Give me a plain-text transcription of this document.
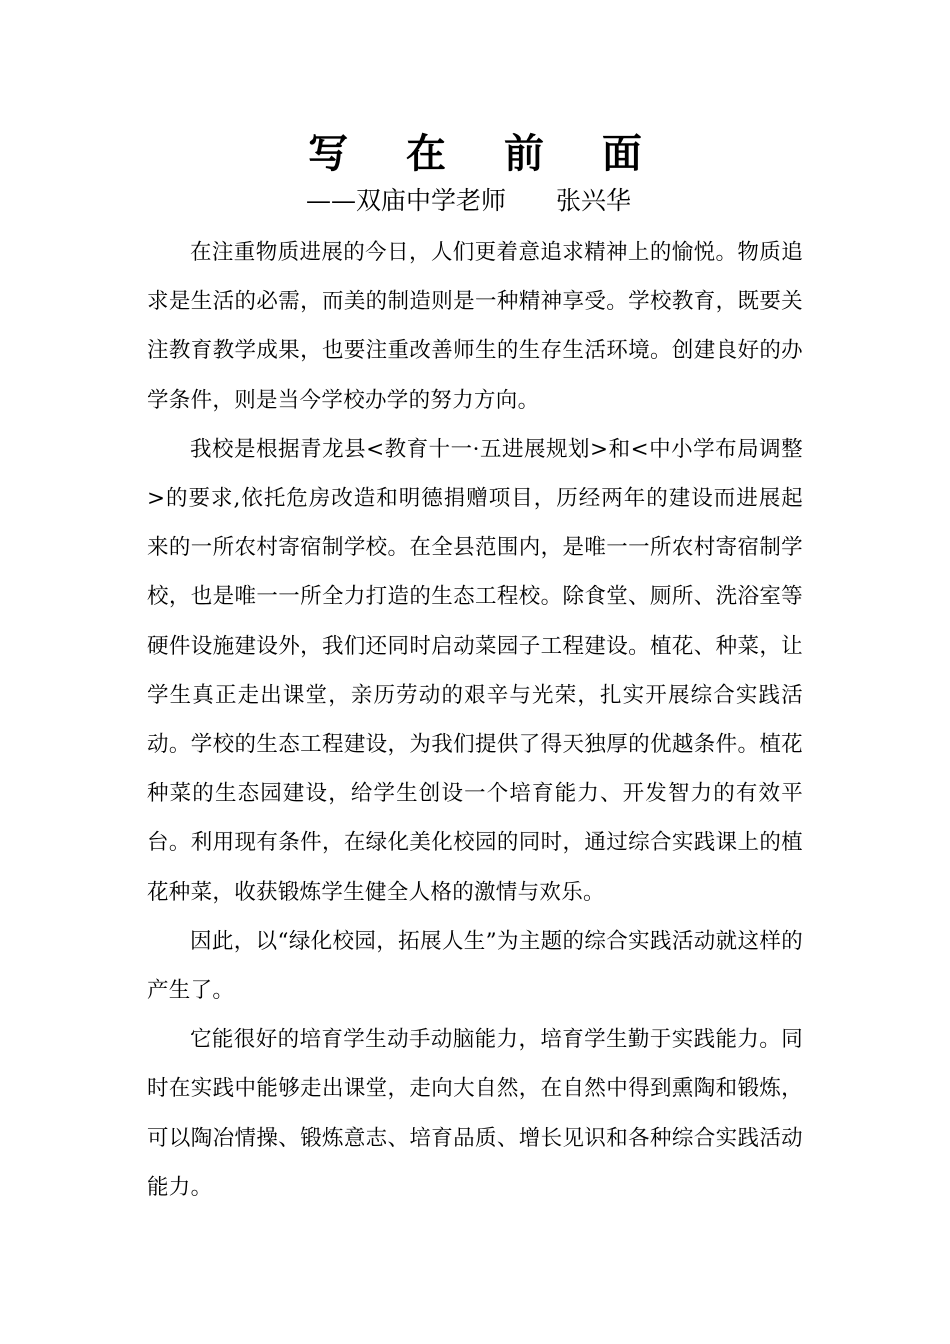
写 在 前 面
——双庙中学老师 张兴华

在注重物质进展的今日，人们更着意追求精神上的愉悦。物质追求是生活的必需，而美的制造则是一种精神享受。学校教育，既要关注教育教学成果，也要注重改善师生的生存生活环境。创建良好的办学条件，则是当今学校办学的努力方向。

我校是根据青龙县<教育十一·五进展规划>和<中小学布局调整>的要求,依托危房改造和明德捐赠项目，历经两年的建设而进展起来的一所农村寄宿制学校。在全县范围内，是唯一一所农村寄宿制学校，也是唯一一所全力打造的生态工程校。除食堂、厕所、洗浴室等硬件设施建设外，我们还同时启动菜园子工程建设。植花、种菜，让学生真正走出课堂，亲历劳动的艰辛与光荣，扎实开展综合实践活动。学校的生态工程建设，为我们提供了得天独厚的优越条件。植花种菜的生态园建设，给学生创设一个培育能力、开发智力的有效平台。利用现有条件，在绿化美化校园的同时，通过综合实践课上的植花种菜，收获锻炼学生健全人格的激情与欢乐。

因此，以“绿化校园，拓展人生”为主题的综合实践活动就这样的产生了。

它能很好的培育学生动手动脑能力，培育学生勤于实践能力。同时在实践中能够走出课堂，走向大自然，在自然中得到熏陶和锻炼，可以陶冶情操、锻炼意志、培育品质、增长见识和各种综合实践活动能力。
